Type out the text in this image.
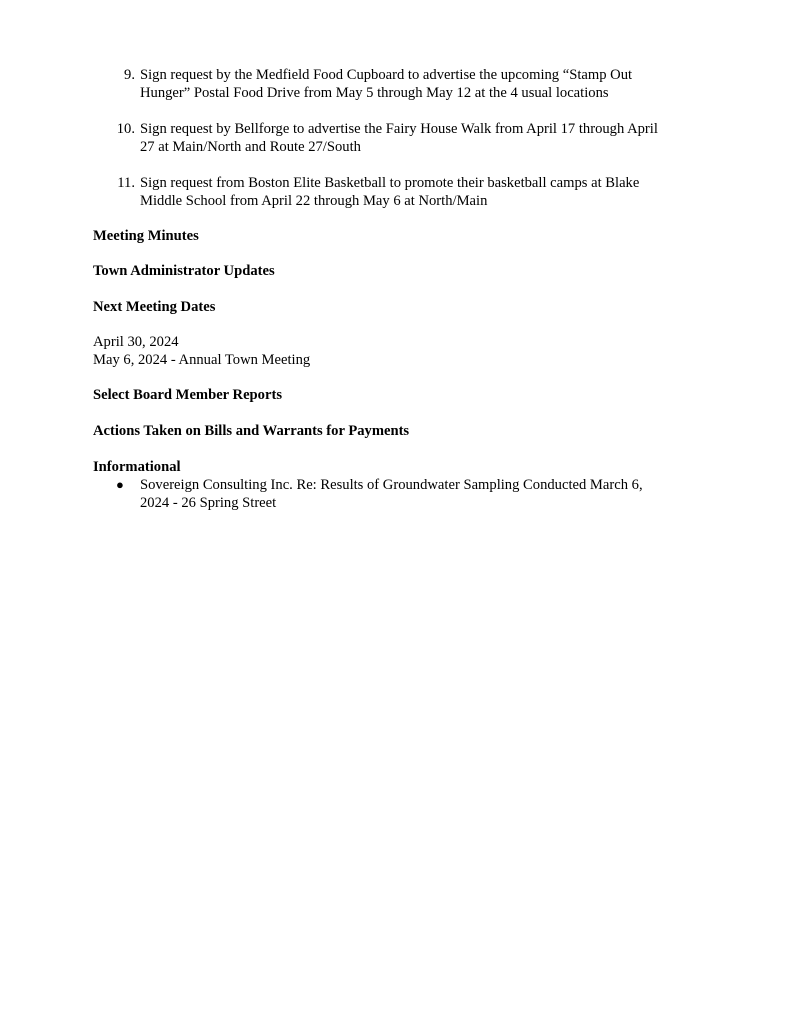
9. Sign request by the Medfield Food Cupboard to advertise the upcoming “Stamp Out
Hunger” Postal Food Drive from May 5 through May 12 at the 4 usual locations
10. Sign request by Bellforge to advertise the Fairy House Walk from April 17 through April
27 at Main/North and Route 27/South
11. Sign request from Boston Elite Basketball to promote their basketball camps at Blake
Middle School from April 22 through May 6 at North/Main
Meeting Minutes
Town Administrator Updates
Next Meeting Dates
April 30, 2024
May 6, 2024 - Annual Town Meeting
Select Board Member Reports
Actions Taken on Bills and Warrants for Payments
Informational
● Sovereign Consulting Inc. Re: Results of Groundwater Sampling Conducted March 6,
2024 - 26 Spring Street
